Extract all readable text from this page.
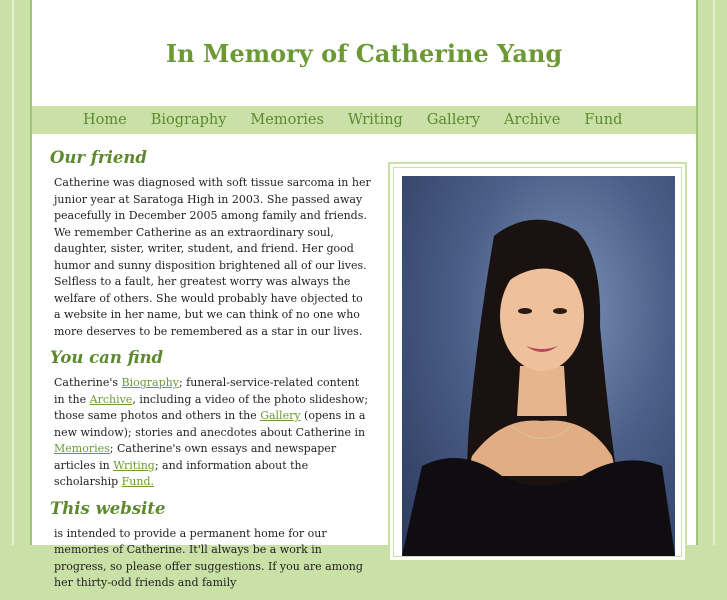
In Memory of Catherine Yang
Home Biography Memories Writing Gallery Archive Fund
Our friend

Catherine was diagnosed with soft tissue sarcoma in her junior year at Saratoga High in 2003. She passed away peacefully in December 2005 among family and friends. We remember Catherine as an extraordinary soul, daughter, sister, writer, student, and friend. Her good humor and sunny disposition brightened all of our lives. Selfless to a fault, her greatest worry was always the welfare of others. She would probably have objected to a website in her name, but we can think of no one who more deserves to be remembered as a star in our lives.

You can find

Catherine's Biography; funeral-service-related content in the Archive, including a video of the photo slideshow; those same photos and others in the Gallery (opens in a new window); stories and anecdotes about Catherine in Memories; Catherine's own essays and newspaper articles in Writing; and information about the scholarship Fund.

This website

is intended to provide a permanent home for our memories of Catherine. It'll always be a work in progress, so please offer suggestions. If you are among her thirty-odd friends and family
